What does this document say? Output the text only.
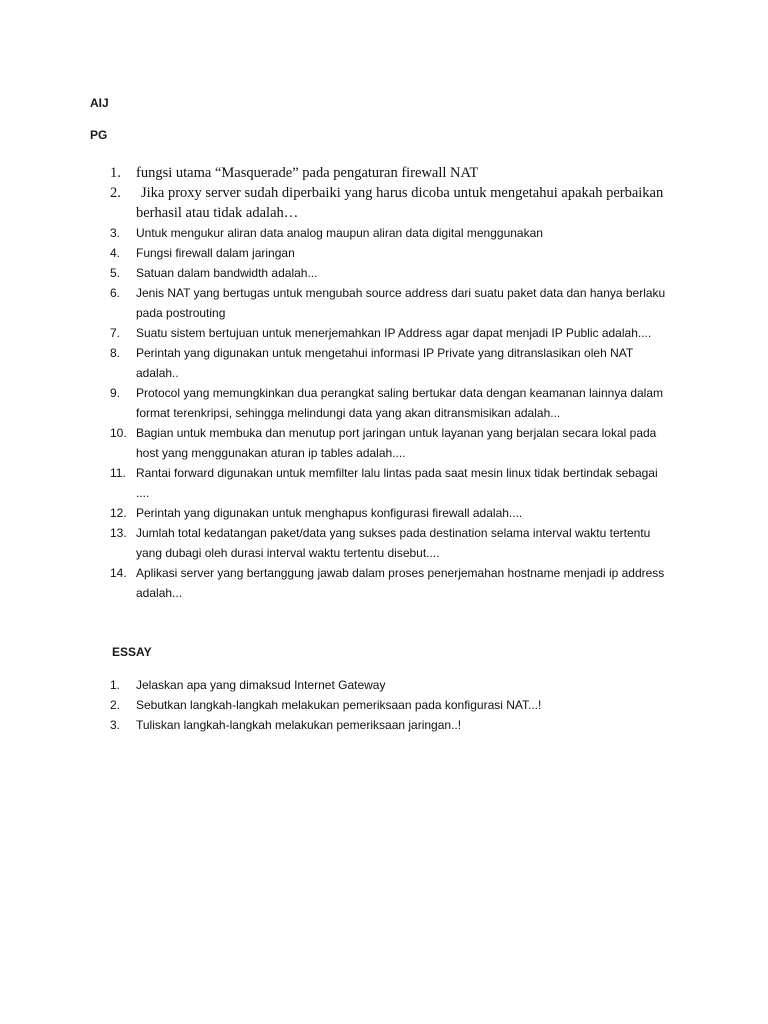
AIJ

PG

1.	fungsi utama “Masquerade” pada pengaturan firewall NAT
2.	Jika proxy server sudah diperbaiki yang harus dicoba untuk mengetahui apakah perbaikan berhasil atau tidak adalah…
3.	Untuk mengukur aliran data analog maupun aliran data digital menggunakan
4.	Fungsi firewall dalam jaringan
5.	Satuan dalam bandwidth adalah...
6.	Jenis NAT yang bertugas untuk mengubah source address dari suatu paket data dan hanya berlaku pada postrouting
7.	Suatu sistem bertujuan untuk menerjemahkan IP Address agar dapat menjadi IP Public adalah....
8.	Perintah yang digunakan untuk mengetahui informasi IP Private yang ditranslasikan oleh NAT adalah..
9.	Protocol yang memungkinkan dua perangkat saling bertukar data dengan keamanan lainnya dalam format terenkripsi, sehingga melindungi data yang akan ditransmisikan adalah...
10. Bagian untuk membuka dan menutup port jaringan untuk layanan yang berjalan secara lokal pada host yang menggunakan aturan ip tables adalah....
11. Rantai forward digunakan untuk memfilter lalu lintas pada saat mesin linux tidak bertindak sebagai ....
12. Perintah yang digunakan untuk menghapus konfigurasi firewall adalah....
13. Jumlah total kedatangan paket/data yang sukses pada destination selama interval waktu tertentu yang dubagi oleh durasi interval waktu tertentu disebut....
14. Aplikasi server yang bertanggung jawab dalam proses penerjemahan hostname menjadi ip address adalah...

ESSAY

1.	Jelaskan apa yang dimaksud Internet Gateway
2.	Sebutkan langkah-langkah melakukan pemeriksaan pada konfigurasi NAT...!
3.	Tuliskan langkah-langkah melakukan pemeriksaan jaringan..!
